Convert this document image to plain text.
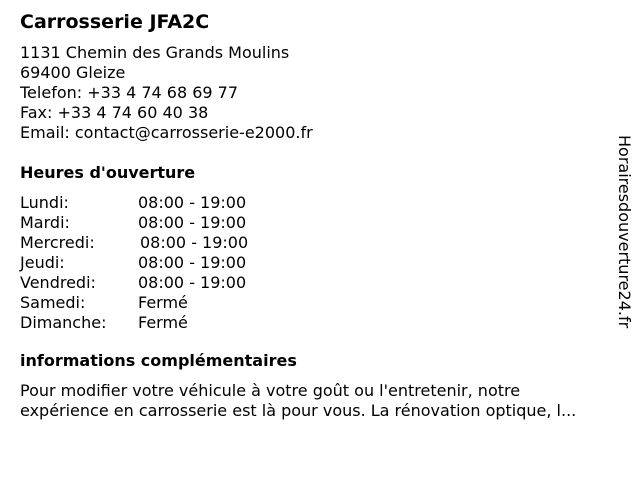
Carrosserie JFA2C
1131 Chemin des Grands Moulins
69400 Gleize
Telefon: +33 4 74 68 69 77
Fax: +33 4 74 60 40 38
Email: contact@carrosserie-e2000.fr
Heures d'ouverture
Lundi:	08:00 - 19:00
Mardi:	08:00 - 19:00
Mercredi:	08:00 - 19:00
Jeudi:	08:00 - 19:00
Vendredi:	08:00 - 19:00
Samedi:	Fermé
Dimanche: Fermé
informations complémentaires
Pour modifier votre véhicule à votre goût ou l'entretenir, notre
expérience en carrosserie est là pour vous. La rénovation optique, l...
Horairesdouverture24.fr
